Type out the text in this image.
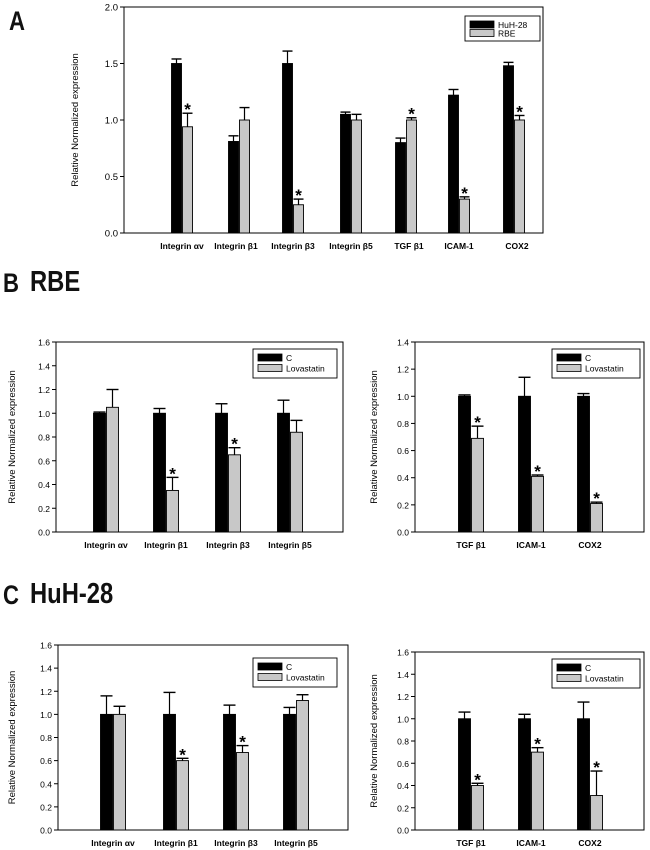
A
B RBE
C HuH-28
0.0
0.5
1.0
1.5
2.0
Relative Normalized expression
Integrin αv Integrin β1 Integrin β3 Integrin β5	TGF β1 ICAM-1	COX2
*
*
*
*
*
HuH-28
RBE
0.0
0.2
0.4
0.6
0.8
1.0
1.2
1.4
1.6
Relative Normalized expression
Integrin αv Integrin β1 Integrin β3 Integrin β5
*
*
C
Lovastatin
0.0
0.2
0.4
0.6
0.8
1.0
1.2
1.4
Relative Normalized expression
TGF β1	ICAM-1	COX2
*
*
*
C
Lovastatin
0.0
0.2
0.4
0.6
0.8
1.0
1.2
1.4
1.6
Relative Normalized expression
Integrin αv Integrin β1 Integrin β3 Integrin β5
*
*
C
Lovastatin
0.0
0.2
0.4
0.6
0.8
1.0
1.2
1.4
1.6
Relative Normalized expression
TGF β1	ICAM-1	COX2
*
*
*
C
Lovastatin
